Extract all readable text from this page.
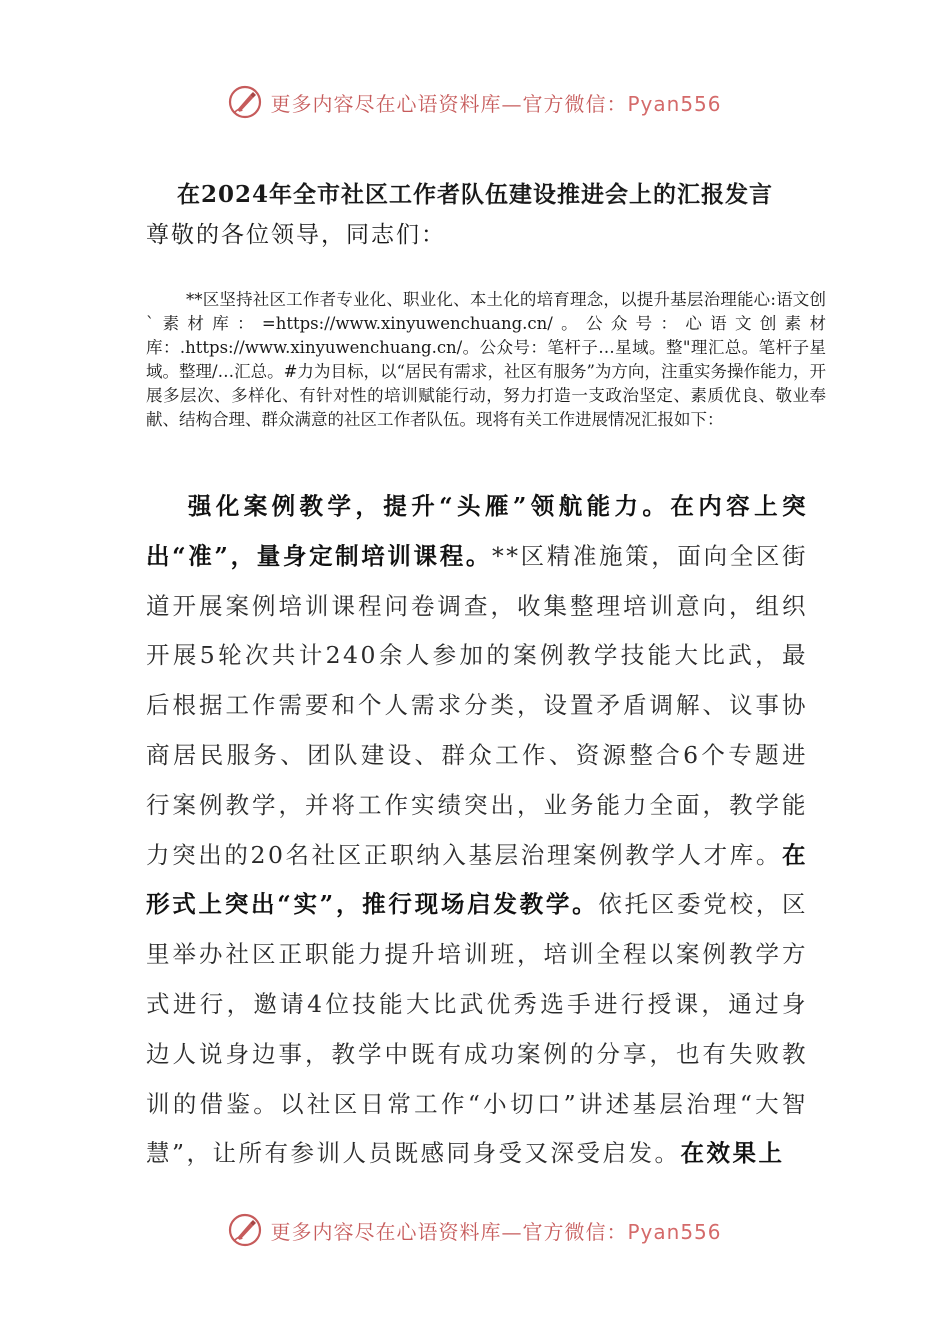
更多内容尽在心语资料库—官方微信：Pyan556
在2024年全市社区工作者队伍建设推进会上的汇报发言
尊敬的各位领导，同志们：
**区坚持社区工作者专业化、职业化、本土化的培育理念，以提升基层治理能心:语文创`素材库：=https://www.xinyuwenchuang.cn/。公众号：心语文创素材库：.https://www.xinyuwenchuang.cn/。公众号：笔杆子…星域。整"理汇总。笔杆子星域。整理/…汇总。#力为目标，以“居民有需求，社区有服务”为方向，注重实务操作能力，开展多层次、多样化、有针对性的培训赋能行动，努力打造一支政治坚定、素质优良、敬业奉献、结构合理、群众满意的社区工作者队伍。现将有关工作进展情况汇报如下：
强化案例教学，提升“头雁”领航能力。在内容上突出“准”，量身定制培训课程。**区精准施策，面向全区街道开展案例培训课程问卷调查，收集整理培训意向，组织开展5轮次共计240余人参加的案例教学技能大比武，最后根据工作需要和个人需求分类，设置矛盾调解、议事协商居民服务、团队建设、群众工作、资源整合6个专题进行案例教学，并将工作实绩突出，业务能力全面，教学能力突出的20名社区正职纳入基层治理案例教学人才库。在形式上突出“实”，推行现场启发教学。依托区委党校，区里举办社区正职能力提升培训班，培训全程以案例教学方式进行，邀请4位技能大比武优秀选手进行授课，通过身边人说身边事，教学中既有成功案例的分享，也有失败教训的借鉴。以社区日常工作“小切口”讲述基层治理“大智慧”，让所有参训人员既感同身受又深受启发。在效果上
更多内容尽在心语资料库—官方微信：Pyan556
